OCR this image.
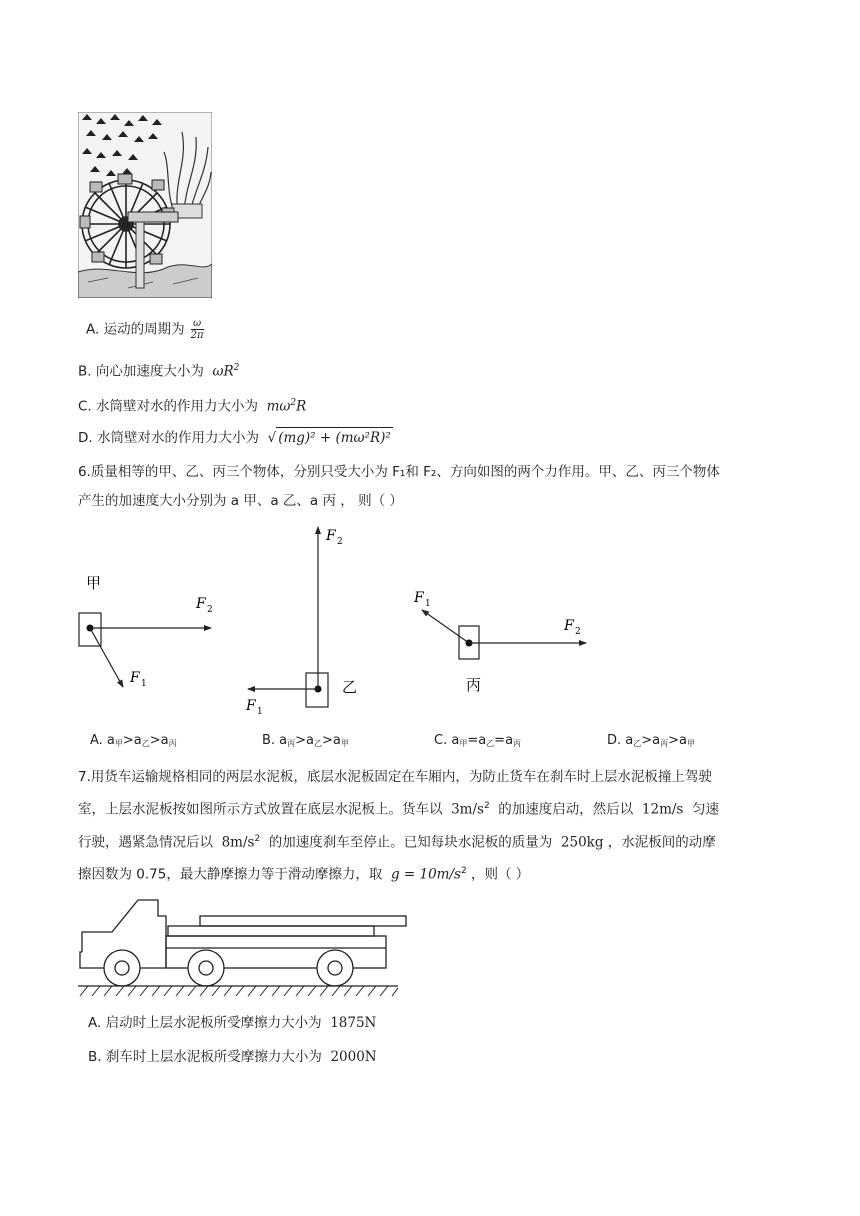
A. 运动的周期为 $\frac{\omega}{2\pi}$
B. 向心加速度大小为 $\omega R^2$
C. 水筒壁对水的作用力大小为 $m\omega^2R$
D. 水筒壁对水的作用力大小为 √ (mg)² + (mω²R)²
6.质量相等的甲、乙、丙三个物体，分别只受大小为 F₁和 F₂、方向如图的两个力作用。甲、乙、丙三个物体
产生的加速度大小分别为 a 甲、a 乙、a 丙 ， 则（ ）
甲
F 2
F 1
F 2
F 1
乙
F 2
F 1
丙
A. a甲>a乙>a丙	B. a丙>a乙>a甲	C. a甲=a乙=a丙	D. a乙>a丙>a甲
7.用货车运输规格相同的两层水泥板，底层水泥板固定在车厢内，为防止货车在刹车时上层水泥板撞上驾驶
室，上层水泥板按如图所示方式放置在底层水泥板上。货车以 $3m/s^2$ 的加速度启动，然后以 12m/s 匀速
行驶，遇紧急情况后以 $8m/s^2$ 的加速度刹车至停止。已知每块水泥板的质量为 250kg ，水泥板间的动摩
擦因数为 0.75，最大静摩擦力等于滑动摩擦力，取 $g = 10m/s^2$ ，则（ ）
A. 启动时上层水泥板所受摩擦力大小为 1875N
B. 刹车时上层水泥板所受摩擦力大小为 2000N
